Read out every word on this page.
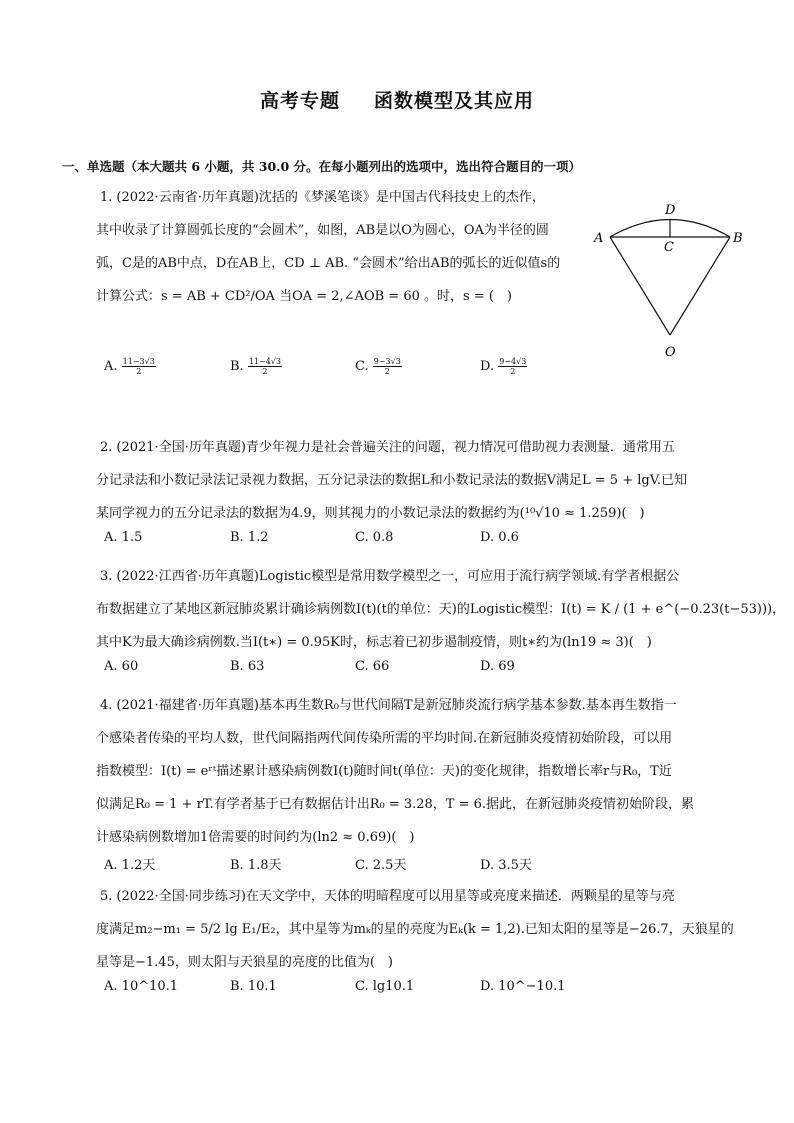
高考专题 函数模型及其应用
一、单选题（本大题共 6 小题，共 30.0 分。在每小题列出的选项中，选出符合题目的一项）
1. (2022·云南省·历年真题)沈括的《梦溪笔谈》是中国古代科技史上的杰作，
其中收录了计算圆弧长度的“会圆术”，如图，AB是以O为圆心，OA为半径的圆
弧，C是的AB中点，D在AB上，CD ⊥ AB. “会圆术”给出AB的弧长的近似值s的
计算公式：s = AB + CD²/OA 当OA = 2,∠AOB = 60 。时，s = (　)
A. $\frac{11-3√3}{2}$	B. $\frac{11-4√3}{2}$	C. $\frac{9-3√3}{2}$	D. $\frac{9-4√3}{2}$
D
A
C
B
O
2. (2021·全国·历年真题)青少年视力是社会普遍关注的问题，视力情况可借助视力表测量．通常用五
分记录法和小数记录法记录视力数据，五分记录法的数据L和小数记录法的数据V满足L = 5 + lgV.已知
某同学视力的五分记录法的数据为4.9，则其视力的小数记录法的数据约为(¹⁰√10 ≈ 1.259)(　)
A. 1.5	B. 1.2	C. 0.8	D. 0.6
3. (2022·江西省·历年真题)Logistic模型是常用数学模型之一，可应用于流行病学领域.有学者根据公
布数据建立了某地区新冠肺炎累计确诊病例数I(t)(t的单位：天)的Logistic模型：I(t) = K / (1 + e^(−0.23(t−53)))，
其中K为最大确诊病例数.当I(t∗) = 0.95K时，标志着已初步遏制疫情，则t∗约为(ln19 ≈ 3)(　)
A. 60	B. 63	C. 66	D. 69
4. (2021·福建省·历年真题)基本再生数R₀与世代间隔T是新冠肺炎流行病学基本参数.基本再生数指一
个感染者传染的平均人数，世代间隔指两代间传染所需的平均时间.在新冠肺炎疫情初始阶段，可以用
指数模型：I(t) = eʳᵗ描述累计感染病例数I(t)随时间t(单位：天)的变化规律，指数增长率r与R₀，T近
似满足R₀ = 1 + rT.有学者基于已有数据估计出R₀ = 3.28，T = 6.据此，在新冠肺炎疫情初始阶段，累
计感染病例数增加1倍需要的时间约为(ln2 ≈ 0.69)(　)
A. 1.2天	B. 1.8天	C. 2.5天	D. 3.5天
5. (2022·全国·同步练习)在天文学中，天体的明暗程度可以用星等或亮度来描述．两颗星的星等与亮
度满足m₂−m₁ = 5/2 lg E₁/E₂，其中星等为mₖ的星的亮度为Eₖ(k = 1,2).已知太阳的星等是−26.7，天狼星的
星等是−1.45，则太阳与天狼星的亮度的比值为(　)
A. 10^10.1	B. 10.1	C. lg10.1	D. 10^−10.1
